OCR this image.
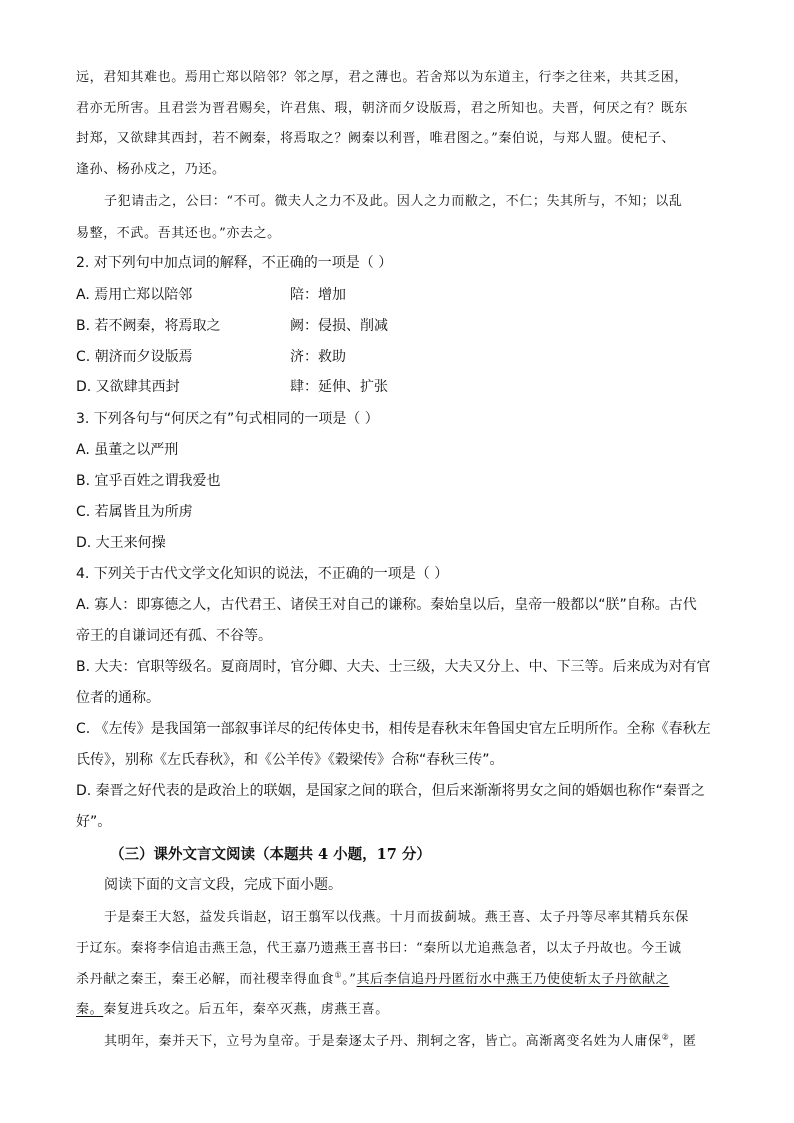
远，君知其难也。焉用亡郑以陪邻？邻之厚，君之薄也。若舍郑以为东道主，行李之往来，共其乏困，
君亦无所害。且君尝为晋君赐矣，许君焦、瑕，朝济而夕设版焉，君之所知也。夫晋，何厌之有？既东
封郑，又欲肆其西封，若不阙秦，将焉取之？阙秦以利晋，唯君图之。”秦伯说，与郑人盟。使杞子、
逢孙、杨孙戍之，乃还。
子犯请击之，公曰：“不可。微夫人之力不及此。因人之力而敝之，不仁；失其所与，不知；以乱
易整，不武。吾其还也。”亦去之。
2. 对下列句中加点词的解释，不正确的一项是（ ）
A. 焉用亡郑以陪邻	陪：增加
B. 若不阙秦，将焉取之	阙：侵损、削减
C. 朝济而夕设版焉	济：救助
D. 又欲肆其西封	肆：延伸、扩张
3. 下列各句与“何厌之有”句式相同的一项是（ ）
A. 虽董之以严刑
B. 宜乎百姓之谓我爱也
C. 若属皆且为所虏
D. 大王来何操
4. 下列关于古代文学文化知识的说法，不正确的一项是（ ）
A. 寡人：即寡德之人，古代君王、诸侯王对自己的谦称。秦始皇以后，皇帝一般都以“朕”自称。古代
帝王的自谦词还有孤、不谷等。
B. 大夫：官职等级名。夏商周时，官分卿、大夫、士三级，大夫又分上、中、下三等。后来成为对有官
位者的通称。
C. 《左传》是我国第一部叙事详尽的纪传体史书，相传是春秋末年鲁国史官左丘明所作。全称《春秋左
氏传》，别称《左氏春秋》，和《公羊传》《穀梁传》合称“春秋三传”。
D. 秦晋之好代表的是政治上的联姻，是国家之间的联合，但后来渐渐将男女之间的婚姻也称作“秦晋之
好”。
（三）课外文言文阅读（本题共 4 小题，17 分）
阅读下面的文言文段，完成下面小题。
于是秦王大怒，益发兵诣赵，诏王翦军以伐燕。十月而拔蓟城。燕王喜、太子丹等尽率其精兵东保
于辽东。秦将李信追击燕王急，代王嘉乃遗燕王喜书曰：“秦所以尤追燕急者，以太子丹故也。今王诚
杀丹献之秦王，秦王必解，而社稷幸得血食①。”其后李信追丹丹匿衍水中燕王乃使使斩太子丹欲献之
秦。秦复进兵攻之。后五年，秦卒灭燕，虏燕王喜。
其明年，秦并天下，立号为皇帝。于是秦逐太子丹、荆轲之客，皆亡。高渐离变名姓为人庸保②，匿
